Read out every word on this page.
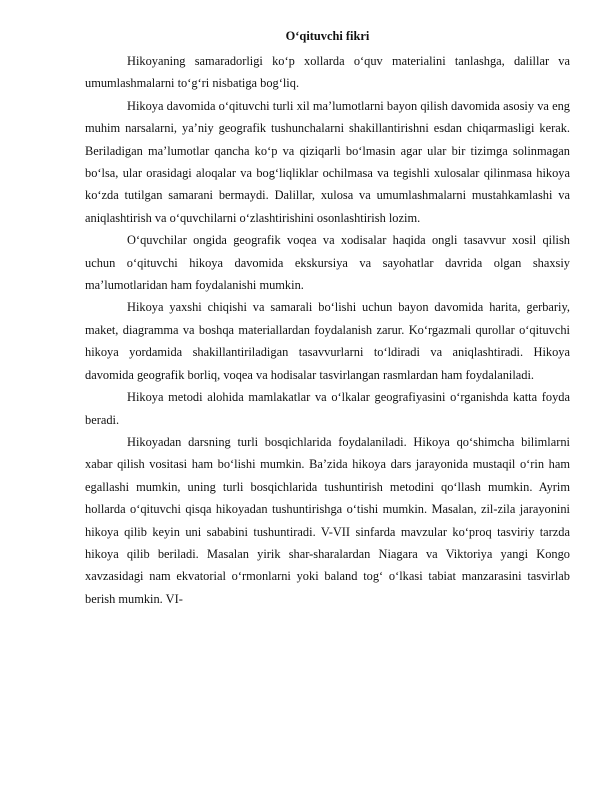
O‘qituvchi fikri

Hikoyaning samaradorligi ko‘p xollarda o‘quv materialini tanlashga, dalillar va umumlashmalarni to‘g‘ri nisbatiga bog‘liq.

Hikoya davomida o‘qituvchi turli xil ma’lumotlarni bayon qilish davomida asosiy va eng muhim narsalarni, ya’niy geografik tushunchalarni shakillantirishni esdan chiqarmasligi kerak. Beriladigan ma’lumotlar qancha ko‘p va qiziqarli bo‘lmasin agar ular bir tizimga solinmagan bo‘lsa, ular orasidagi aloqalar va bog‘liqliklar ochilmasa va tegishli xulosalar qilinmasa hikoya ko‘zda tutilgan samarani bermaydi. Dalillar, xulosa va umumlashmalarni mustahkamlashi va aniqlashtirish va o‘quvchilarni o‘zlashtirishini osonlashtirish lozim.

O‘quvchilar ongida geografik voqea va xodisalar haqida ongli tasavvur xosil qilish uchun o‘qituvchi hikoya davomida ekskursiya va sayohatlar davrida olgan shaxsiy ma’lumotlaridan ham foydalanishi mumkin.

Hikoya yaxshi chiqishi va samarali bo‘lishi uchun bayon davomida harita, gerbariy, maket, diagramma va boshqa materiallardan foydalanish zarur. Ko‘rgazmali qurollar o‘qituvchi hikoya yordamida shakillantiriladigan tasavvurlarni to‘ldiradi va aniqlashtiradi. Hikoya davomida geografik borliq, voqea va hodisalar tasvirlangan rasmlardan ham foydalaniladi.

Hikoya metodi alohida mamlakatlar va o‘lkalar geografiyasini o‘rganishda katta foyda beradi.

Hikoyadan darsning turli bosqichlarida foydalaniladi. Hikoya qo‘shimcha bilimlarni xabar qilish vositasi ham bo‘lishi mumkin. Ba’zida hikoya dars jarayonida mustaqil o‘rin ham egallashi mumkin, uning turli bosqichlarida tushuntirish metodini qo‘llash mumkin. Ayrim hollarda o‘qituvchi qisqa hikoyadan tushuntirishga o‘tishi mumkin. Masalan, zil-zila jarayonini hikoya qilib keyin uni sababini tushuntiradi. V-VII sinfarda mavzular ko‘proq tasviriy tarzda hikoya qilib beriladi. Masalan yirik shar-sharalardan Niagara va Viktoriya yangi Kongo xavzasidagi nam ekvatorial o‘rmonlarni yoki baland tog‘ o‘lkasi tabiat manzarasini tasvirlab berish mumkin. VI-
